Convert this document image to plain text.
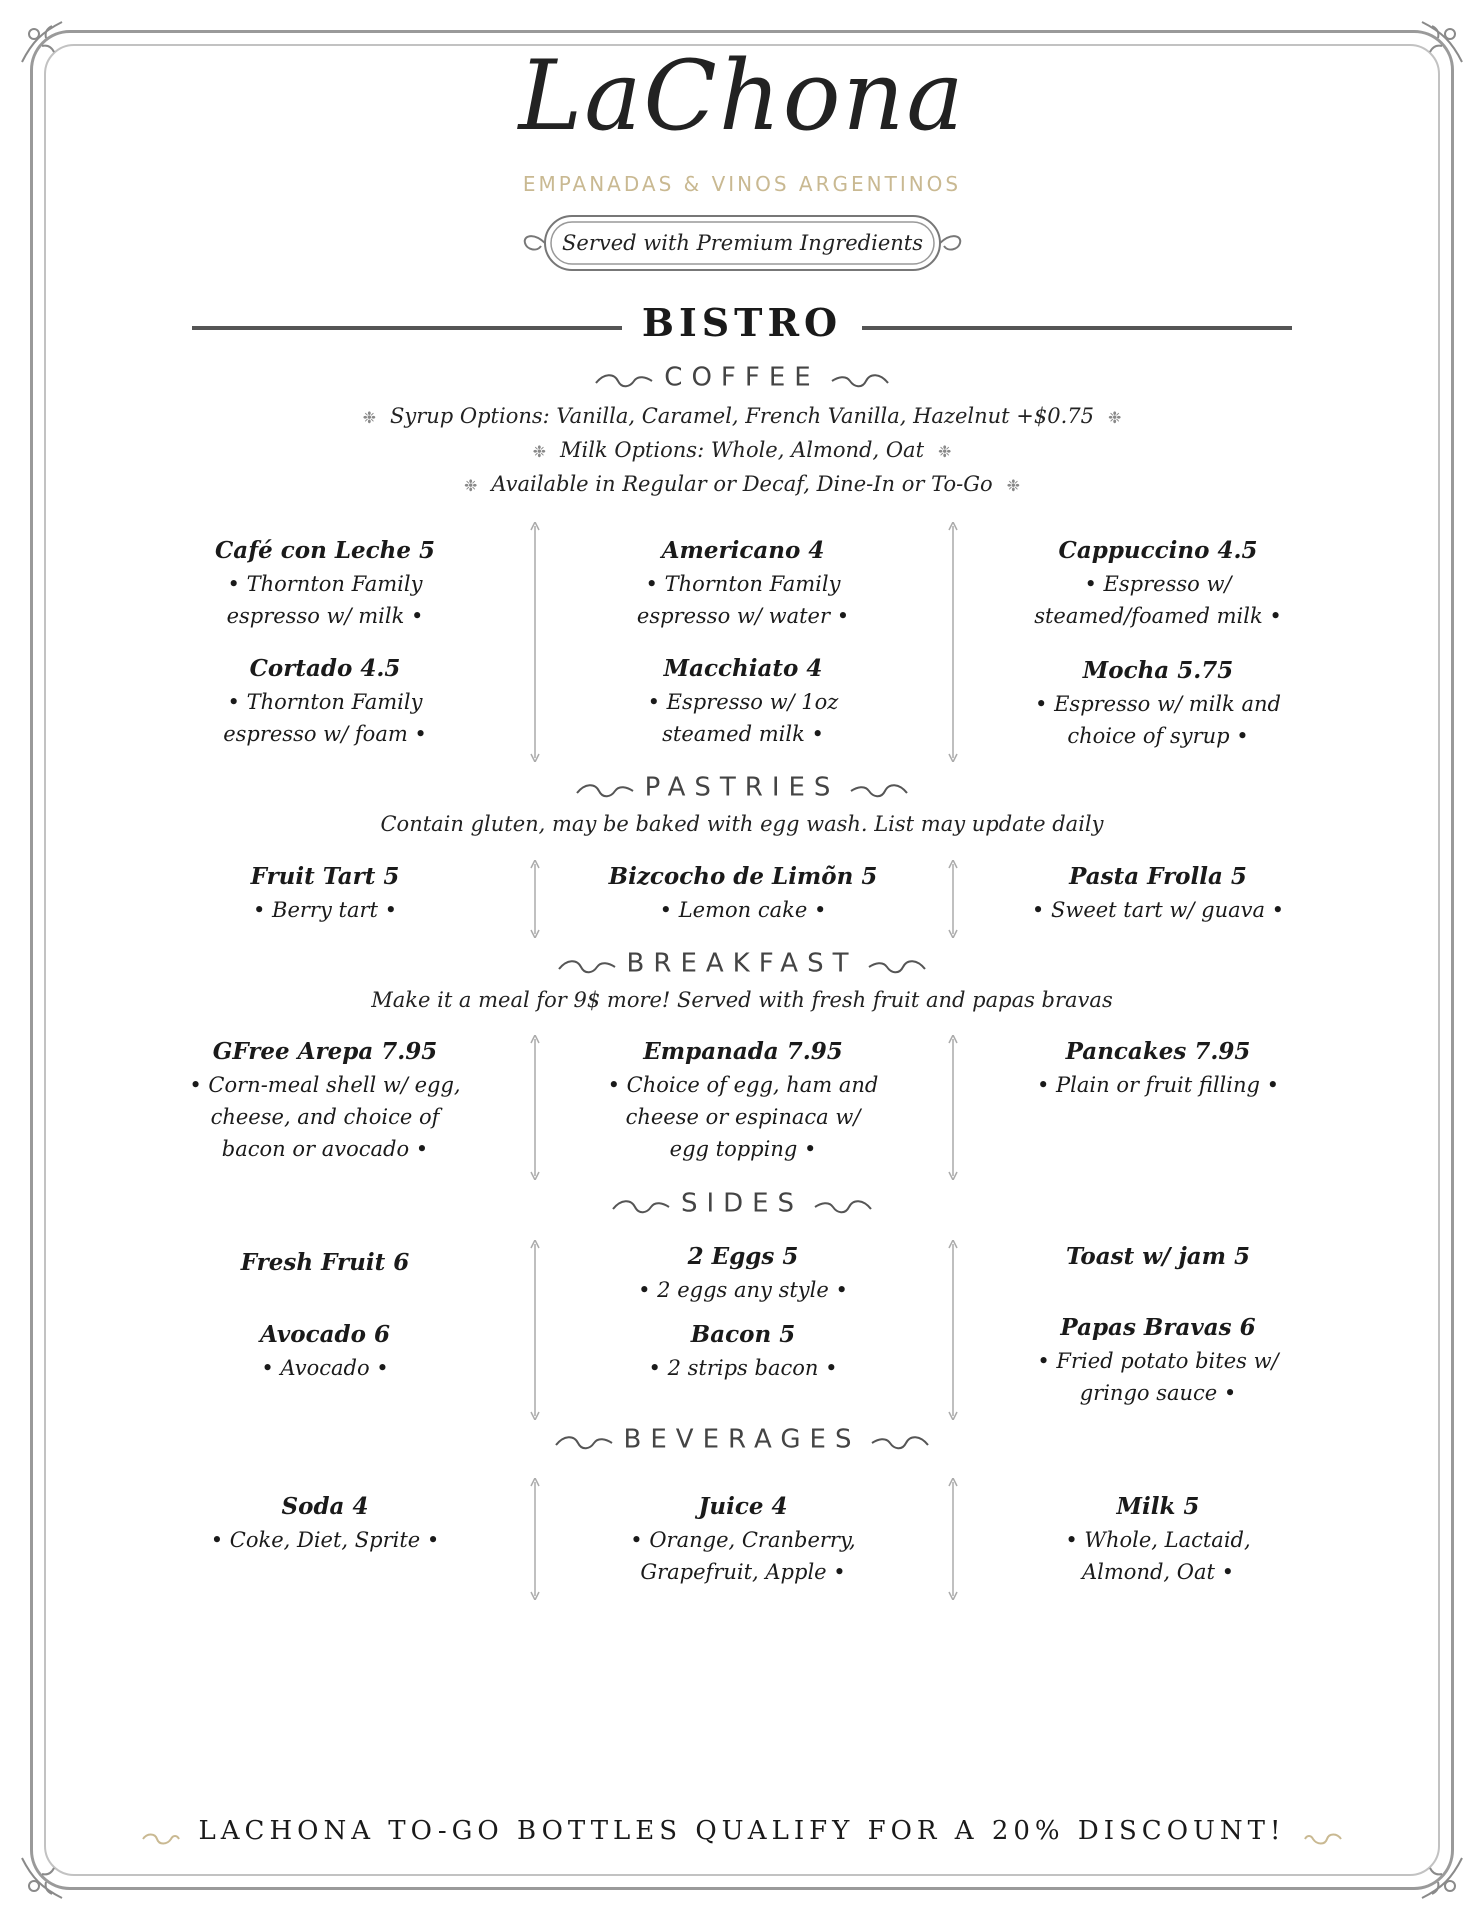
LaChona
EMPANADAS & VINOS ARGENTINOS
Served with Premium Ingredients
BISTRO
COFFEE
❉ Syrup Options: Vanilla, Caramel, French Vanilla, Hazelnut +$0.75 ❉
❉ Milk Options: Whole, Almond, Oat ❉
❉ Available in Regular or Decaf, Dine-In or To-Go ❉
Café con Leche 5
• Thornton Family
espresso w/ milk •
Americano 4
• Thornton Family
espresso w/ water •
Cappuccino 4.5
• Espresso w/
steamed/foamed milk •
Cortado 4.5
• Thornton Family
espresso w/ foam •
Macchiato 4
• Espresso w/ 1oz
steamed milk •
Mocha 5.75
• Espresso w/ milk and
choice of syrup •
PASTRIES
Contain gluten, may be baked with egg wash. List may update daily
Fruit Tart 5
• Berry tart •
Bizcocho de Limõn 5
• Lemon cake •
Pasta Frolla 5
• Sweet tart w/ guava •
BREAKFAST
Make it a meal for 9$ more! Served with fresh fruit and papas bravas
GFree Arepa 7.95
• Corn-meal shell w/ egg,
cheese, and choice of
bacon or avocado •
Empanada 7.95
• Choice of egg, ham and
cheese or espinaca w/
egg topping •
Pancakes 7.95
• Plain or fruit filling •
SIDES
Fresh Fruit 6	2 Eggs 5
• 2 eggs any style •
Toast w/ jam 5
Avocado 6
• Avocado •
Bacon 5
• 2 strips bacon •
Papas Bravas 6
• Fried potato bites w/
gringo sauce •
BEVERAGES
Soda 4
• Coke, Diet, Sprite •
Juice 4
• Orange, Cranberry,
Grapefruit, Apple •
Milk 5
• Whole, Lactaid,
Almond, Oat •
LACHONA TO-GO BOTTLES QUALIFY FOR A 20% DISCOUNT!
